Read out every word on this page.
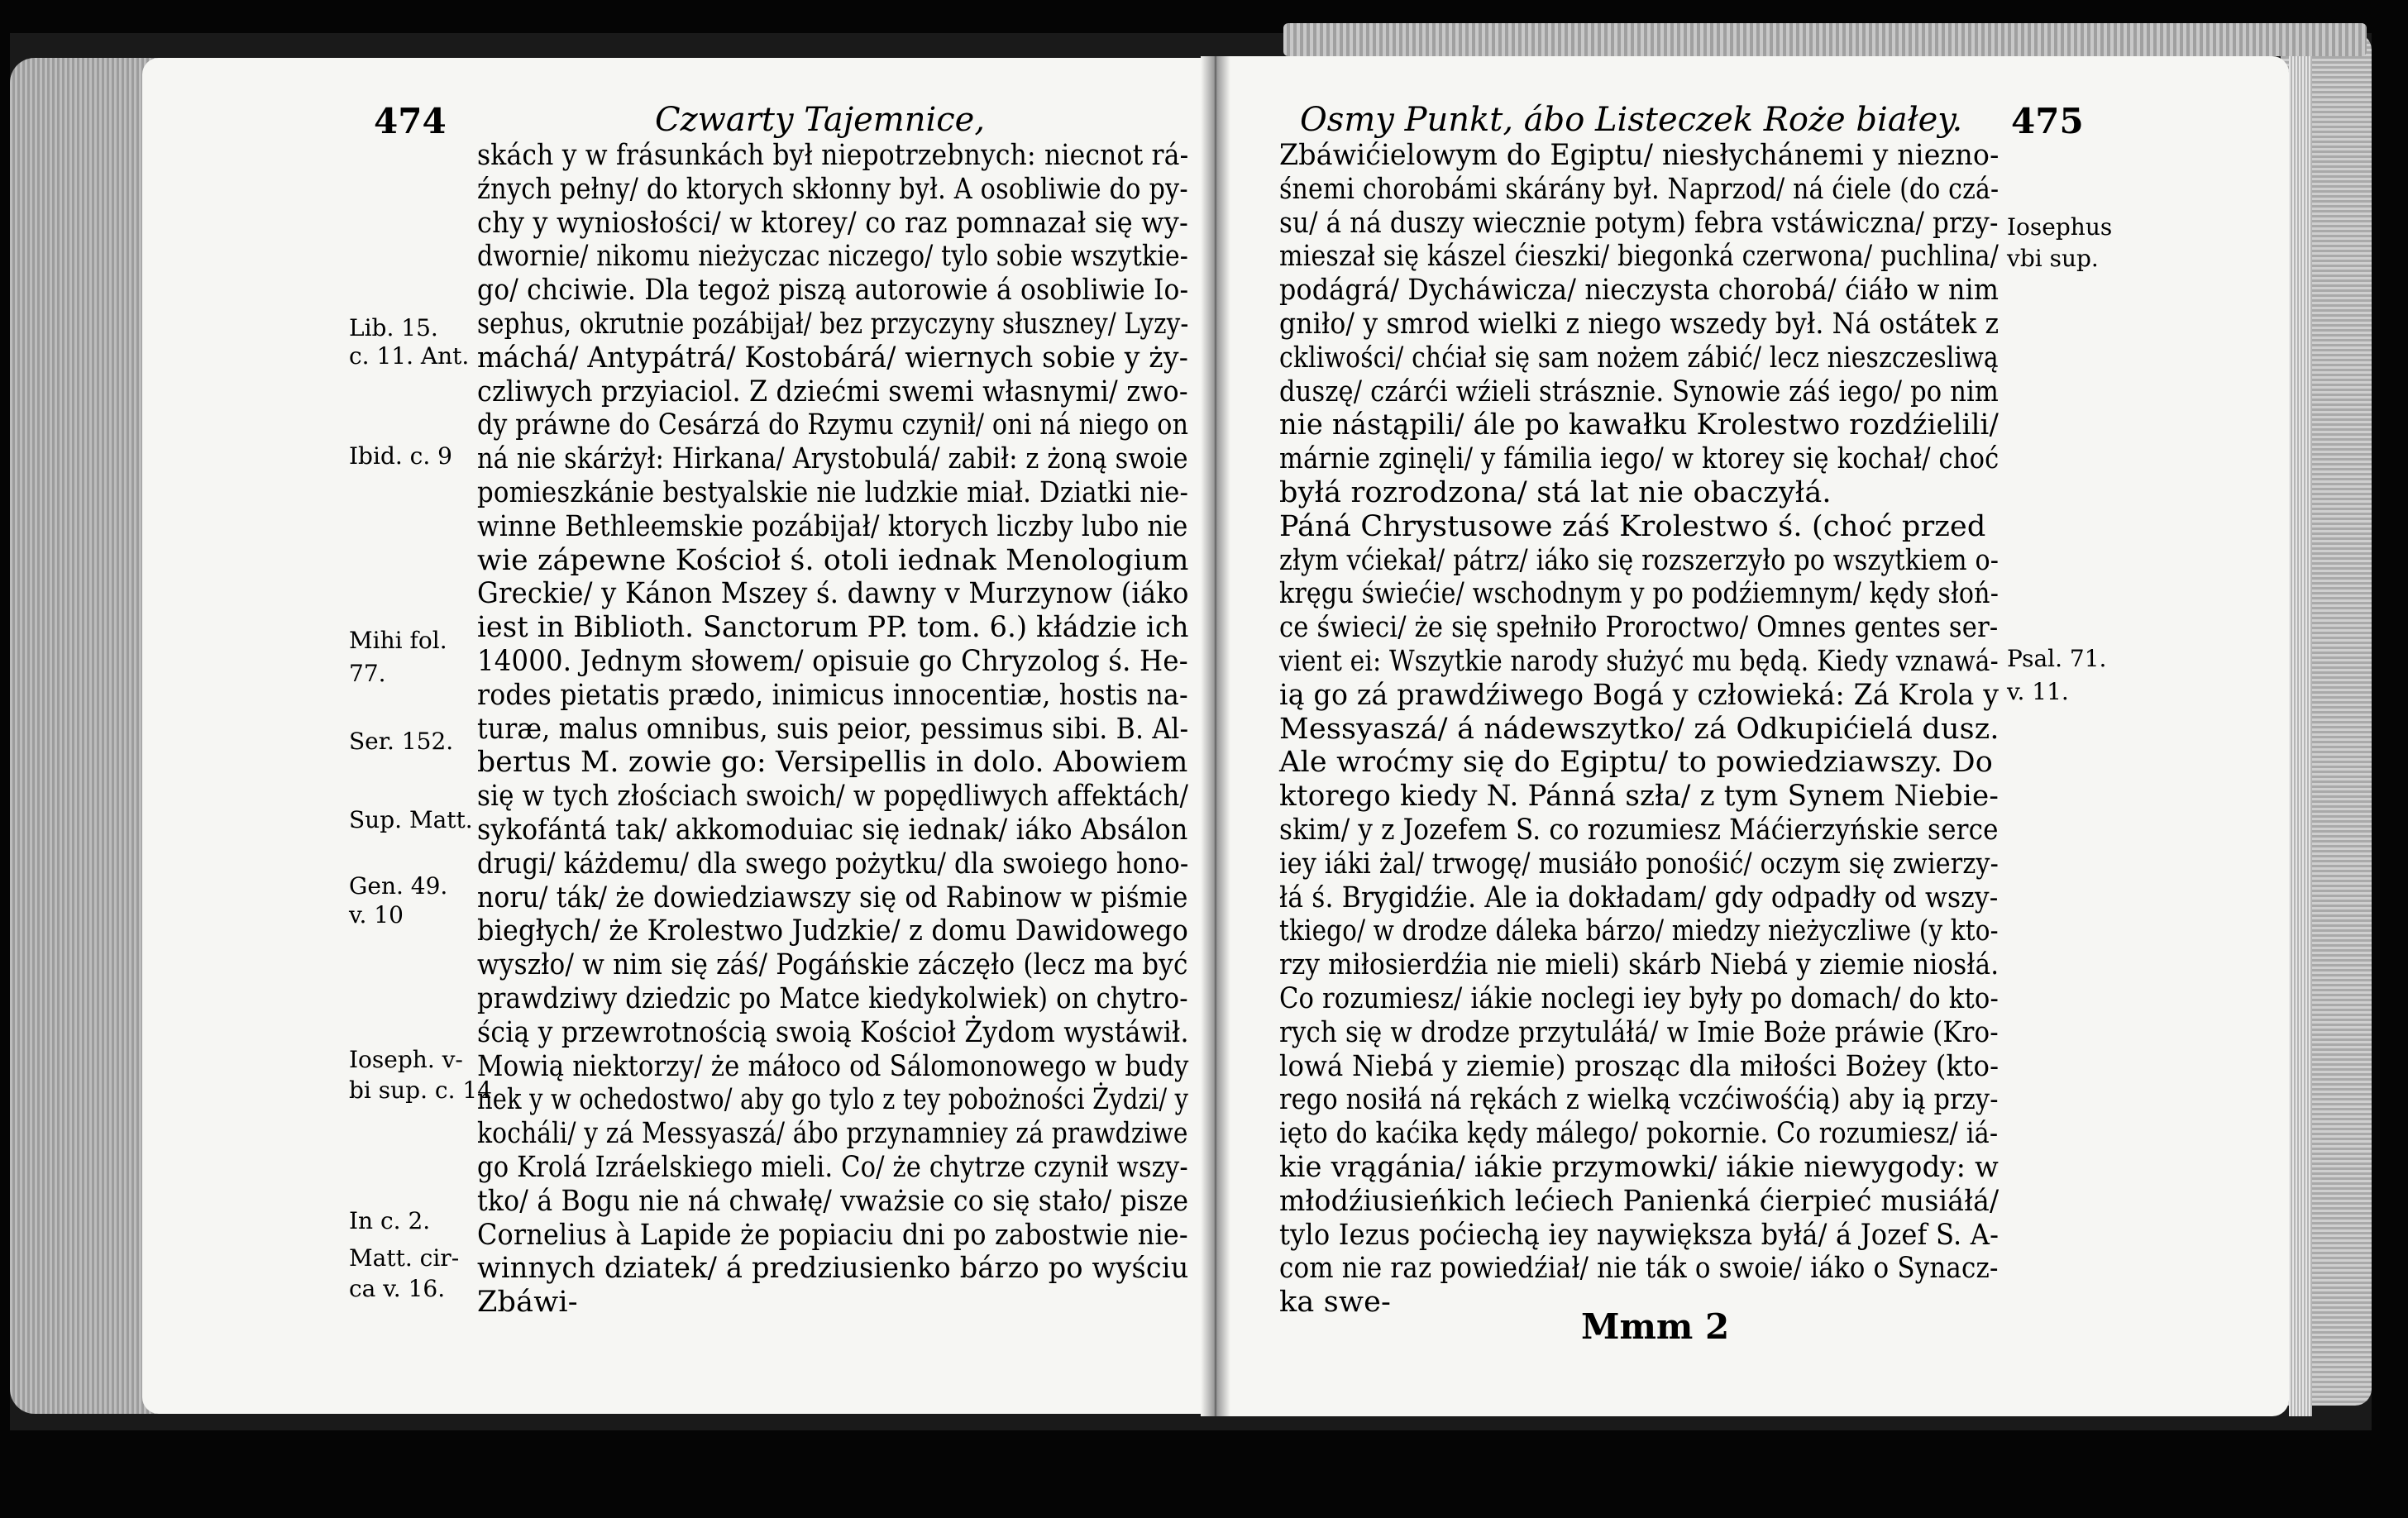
474	Czwarty Tajemnice,
Lib. 15.
c. 11. Ant.
Ibid. c. 9
Mihi fol.
77.
Ser. 152.
Sup. Matt.
Gen. 49.
v. 10
Ioseph. v-
bi sup. c. 14
In c. 2.
Matt. cir-
ca v. 16.
skách y w frásunkách był niepotrzebnych: niecnot rá-
źnych pełny/ do ktorych skłonny był. A osobliwie do py-
chy y wyniosłości/ w ktorey/ co raz pomnazał się wy-
dwornie/ nikomu nieżyczac niczego/ tylo sobie wszytkie-
go/ chciwie. Dla tegoż piszą autorowie á osobliwie Io-
sephus, okrutnie pozábijał/ bez przyczyny słuszney/ Lyzy-
máchá/ Antypátrá/ Kostobárá/ wiernych sobie y ży-
czliwych przyiaciol. Z dziećmi swemi własnymi/ zwo-
dy práwne do Cesárzá do Rzymu czynił/ oni ná niego on
ná nie skárżył: Hirkana/ Arystobulá/ zabił: z żoną swoie
pomieszkánie bestyalskie nie ludzkie miał. Dziatki nie-
winne Bethleemskie pozábijał/ ktorych liczby lubo nie
wie zápewne Kościoł ś. otoli iednak Menologium
Greckie/ y Kánon Mszey ś. dawny v Murzynow (iáko
iest in Biblioth. Sanctorum PP. tom. 6.) kłádzie ich
14000. Jednym słowem/ opisuie go Chryzolog ś. He-
rodes pietatis prædo, inimicus innocentiæ, hostis na-
turæ, malus omnibus, suis peior, pessimus sibi. B. Al-
bertus M. zowie go: Versipellis in dolo. Abowiem
się w tych złościach swoich/ w popędliwych affektách/
sykofántá tak/ akkomoduiac się iednak/ iáko Absálon
drugi/ káżdemu/ dla swego pożytku/ dla swoiego hono-
noru/ ták/ że dowiedziawszy się od Rabinow w piśmie
biegłych/ że Krolestwo Judzkie/ z domu Dawidowego
wyszło/ w nim się záś/ Pogáńskie záczęło (lecz ma być
prawdziwy dziedzic po Matce kiedykolwiek) on chytro-
ścią y przewrotnością swoią Kościoł Żydom wystáwił.
Mowią niektorzy/ że máłoco od Sálomonowego w budy
nek y w ochedostwo/ aby go tylo z tey pobożności Żydzi/ y
kocháli/ y zá Messyaszá/ ábo przynamniey zá prawdziwe
go Krolá Izráelskiego mieli. Co/ że chytrze czynił wszy-
tko/ á Bogu nie ná chwałę/ vważsie co się stało/ pisze
Cornelius à Lapide że popiaciu dni po zabostwie nie-
winnych dziatek/ á predziusienko bárzo po wyściu
Zbáwi-
Osmy Punkt, ábo Listeczek Roże białey. 475
Iosephus
vbi sup.
Psal. 71.
v. 11.
Zbáwićielowym do Egiptu/ niesłychánemi y niezno-
śnemi chorobámi skárány był. Naprzod/ ná ćiele (do czá-
su/ á ná duszy wiecznie potym) febra vstáwiczna/ przy-
mieszał się kászel ćieszki/ biegonká czerwona/ puchlina/
podágrá/ Dycháwicza/ nieczysta chorobá/ ćiáło w nim
gniło/ y smrod wielki z niego wszedy był. Ná ostátek z
ckliwości/ chćiał się sam nożem zábić/ lecz nieszczesliwą
duszę/ czárći wźieli strásznie. Synowie záś iego/ po nim
nie nástąpili/ ále po kawałku Krolestwo rozdźielili/
márnie zginęli/ y fámilia iego/ w ktorey się kochał/ choć
byłá rozrodzona/ stá lat nie obaczyłá.
Páná Chrystusowe záś Krolestwo ś. (choć przed
złym vćiekał/ pátrz/ iáko się rozszerzyło po wszytkiem o-
kręgu świećie/ wschodnym y po podźiemnym/ kędy słoń-
ce świeci/ że się spełniło Proroctwo/ Omnes gentes ser-
vient ei: Wszytkie narody służyć mu będą. Kiedy vznawá-
ią go zá prawdźiwego Bogá y człowieká: Zá Krola y
Messyaszá/ á nádewszytko/ zá Odkupićielá dusz.
Ale wroćmy się do Egiptu/ to powiedziawszy. Do
ktorego kiedy N. Pánná szła/ z tym Synem Niebie-
skim/ y z Jozefem S. co rozumiesz Máćierzyńskie serce
iey iáki żal/ trwogę/ musiáło ponośić/ oczym się zwierzy-
łá ś. Brygidźie. Ale ia dokładam/ gdy odpadły od wszy-
tkiego/ w drodze dáleka bárzo/ miedzy nieżyczliwe (y kto-
rzy miłosierdźia nie mieli) skárb Niebá y ziemie niosłá.
Co rozumiesz/ iákie noclegi iey były po domach/ do kto-
rych się w drodze przytuláłá/ w Imie Boże práwie (Kro-
lowá Niebá y ziemie) prosząc dla miłości Bożey (kto-
rego nosiłá ná rękách z wielką vczćiwośćią) aby ią przy-
ięto do kaćika kędy málego/ pokornie. Co rozumiesz/ iá-
kie vrągánia/ iákie przymowki/ iákie niewygody: w
młodźiusieńkich lećiech Panienká ćierpieć musiáłá/
tylo Iezus poćiechą iey naywiększa byłá/ á Jozef S. A-
com nie raz powiedźiał/ nie ták o swoie/ iáko o Synacz-
ka swe-
Mmm 2
